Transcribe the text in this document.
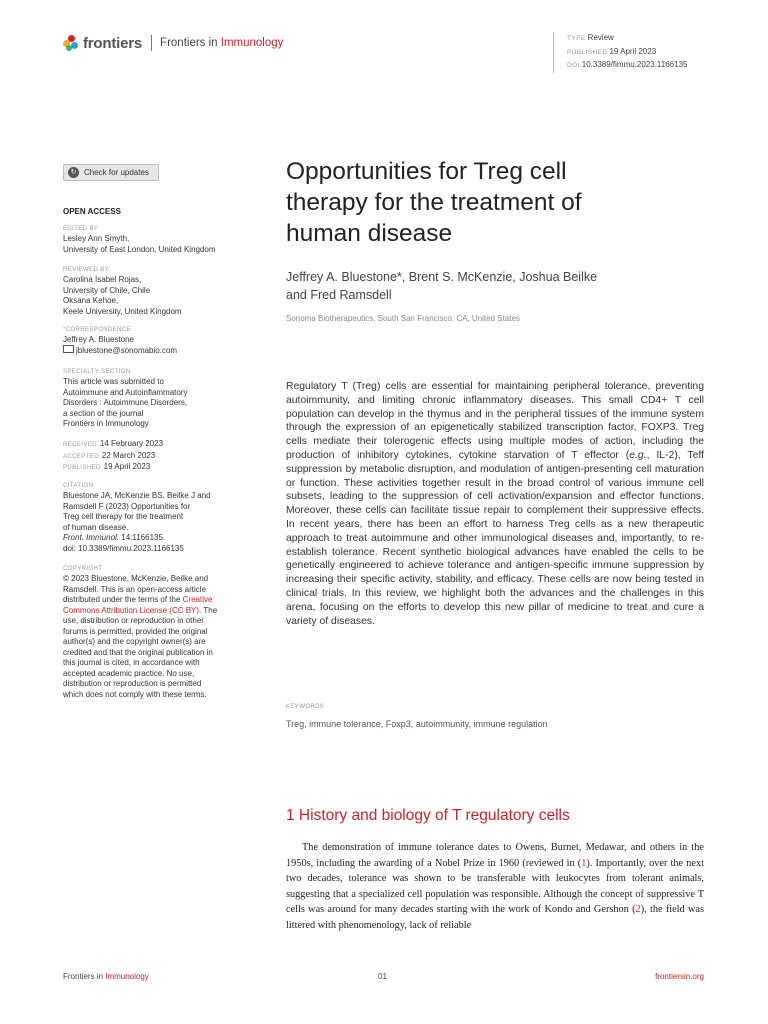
frontiers Frontiers in Immunology	TYPE Review
PUBLISHED 19 April 2023
DOI 10.3389/fimmu.2023.1166135
↻ Check for updates
OPEN ACCESS
EDITED BY
Lesley Ann Smyth,
University of East London, United Kingdom
REVIEWED BY
Carolina Isabel Rojas,
University of Chile, Chile
Oksana Kehoe,
Keele University, United Kingdom
*CORRESPONDENCE
Jeffrey A. Bluestone
jbluestone@sonomabio.com
SPECIALTY SECTION
This article was submitted to
Autoimmune and Autoinflammatory
Disorders : Autoimmune Disorders,
a section of the journal
Frontiers in Immunology
RECEIVED 14 February 2023
ACCEPTED 22 March 2023
PUBLISHED 19 April 2023
CITATION
Bluestone JA, McKenzie BS, Beilke J and
Ramsdell F (2023) Opportunities for
Treg cell therapy for the treatment
of human disease.
Front. Immunol. 14:1166135.
doi: 10.3389/fimmu.2023.1166135
COPYRIGHT
© 2023 Bluestone, McKenzie, Beilke and
Ramsdell. This is an open-access article
distributed under the terms of the Creative
Commons Attribution License (CC BY). The
use, distribution or reproduction in other
forums is permitted, provided the original
author(s) and the copyright owner(s) are
credited and that the original publication in
this journal is cited, in accordance with
accepted academic practice. No use,
distribution or reproduction is permitted
which does not comply with these terms.
Opportunities for Treg cell
therapy for the treatment of
human disease
Jeffrey A. Bluestone*, Brent S. McKenzie, Joshua Beilke
and Fred Ramsdell
Sonoma Biotherapeutics, South San Francisco, CA, United States
Regulatory T (Treg) cells are essential for maintaining peripheral tolerance, preventing autoimmunity, and limiting chronic inflammatory diseases. This small CD4+ T cell population can develop in the thymus and in the peripheral tissues of the immune system through the expression of an epigenetically stabilized transcription factor, FOXP3. Treg cells mediate their tolerogenic effects using multiple modes of action, including the production of inhibitory cytokines, cytokine starvation of T effector (e.g., IL-2), Teff suppression by metabolic disruption, and modulation of antigen-presenting cell maturation or function. These activities together result in the broad control of various immune cell subsets, leading to the suppression of cell activation/expansion and effector functions. Moreover, these cells can facilitate tissue repair to complement their suppressive effects. In recent years, there has been an effort to harness Treg cells as a new therapeutic approach to treat autoimmune and other immunological diseases and, importantly, to re-establish tolerance. Recent synthetic biological advances have enabled the cells to be genetically engineered to achieve tolerance and antigen-specific immune suppression by increasing their specific activity, stability, and efficacy. These cells are now being tested in clinical trials. In this review, we highlight both the advances and the challenges in this arena, focusing on the efforts to develop this new pillar of medicine to treat and cure a variety of diseases.
KEYWORDS
Treg, immune tolerance, Foxp3, autoimmunity, immune regulation
1 History and biology of T regulatory cells
The demonstration of immune tolerance dates to Owens, Burnet, Medawar, and others in the 1950s, including the awarding of a Nobel Prize in 1960 (reviewed in (1). Importantly, over the next two decades, tolerance was shown to be transferable with leukocytes from tolerant animals, suggesting that a specialized cell population was responsible. Although the concept of suppressive T cells was around for many decades starting with the work of Kondo and Gershon (2), the field was littered with phenomenology, lack of reliable
Frontiers in Immunology	01	frontiersin.org
